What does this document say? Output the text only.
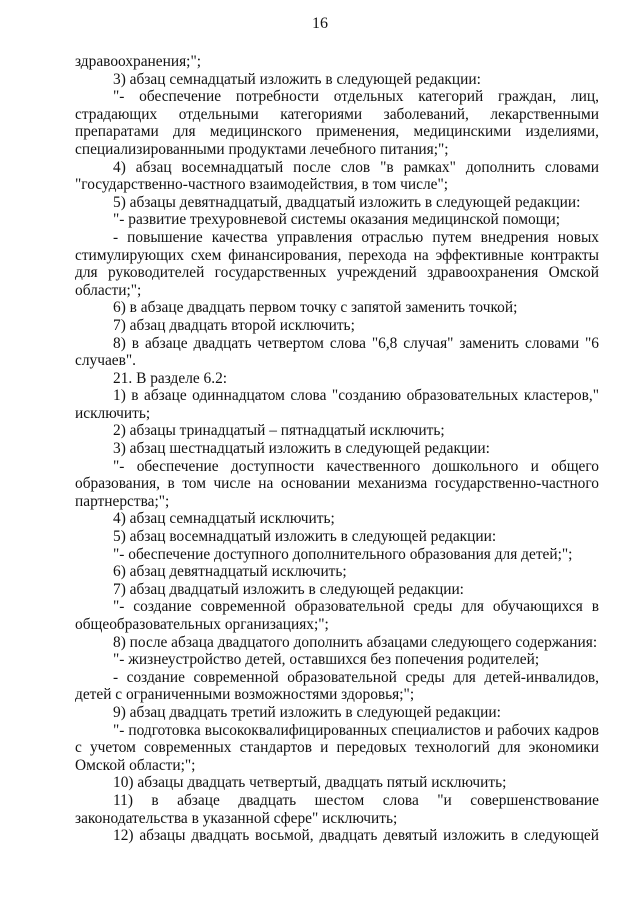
16

здравоохранения;";

3) абзац семнадцатый изложить в следующей редакции:

"- обеспечение потребности отдельных категорий граждан, лиц, страдающих отдельными категориями заболеваний, лекарственными препаратами для медицинского применения, медицинскими изделиями, специализированными продуктами лечебного питания;";

4) абзац восемнадцатый после слов "в рамках" дополнить словами "государственно-частного взаимодействия, в том числе";

5) абзацы девятнадцатый, двадцатый изложить в следующей редакции:

"- развитие трехуровневой системы оказания медицинской помощи;

- повышение качества управления отраслью путем внедрения новых стимулирующих схем финансирования, перехода на эффективные контракты для руководителей государственных учреждений здравоохранения Омской области;";

6) в абзаце двадцать первом точку с запятой заменить точкой;

7) абзац двадцать второй исключить;

8) в абзаце двадцать четвертом слова "6,8 случая" заменить словами "6 случаев".

21. В разделе 6.2:

1) в абзаце одиннадцатом слова "созданию образовательных кластеров," исключить;

2) абзацы тринадцатый – пятнадцатый исключить;

3) абзац шестнадцатый изложить в следующей редакции:

"- обеспечение доступности качественного дошкольного и общего образования, в том числе на основании механизма государственно-частного партнерства;";

4) абзац семнадцатый исключить;

5) абзац восемнадцатый изложить в следующей редакции:

"- обеспечение доступного дополнительного образования для детей;";

6) абзац девятнадцатый исключить;

7) абзац двадцатый изложить в следующей редакции:

"- создание современной образовательной среды для обучающихся в общеобразовательных организациях;";

8) после абзаца двадцатого дополнить абзацами следующего содержания:

"- жизнеустройство детей, оставшихся без попечения родителей;

- создание современной образовательной среды для детей-инвалидов, детей с ограниченными возможностями здоровья;";

9) абзац двадцать третий изложить в следующей редакции:

"- подготовка высококвалифицированных специалистов и рабочих кадров с учетом современных стандартов и передовых технологий для экономики Омской области;";

10) абзацы двадцать четвертый, двадцать пятый исключить;

11) в абзаце двадцать шестом слова "и совершенствование законодательства в указанной сфере" исключить;

12) абзацы двадцать восьмой, двадцать девятый изложить в следующей
